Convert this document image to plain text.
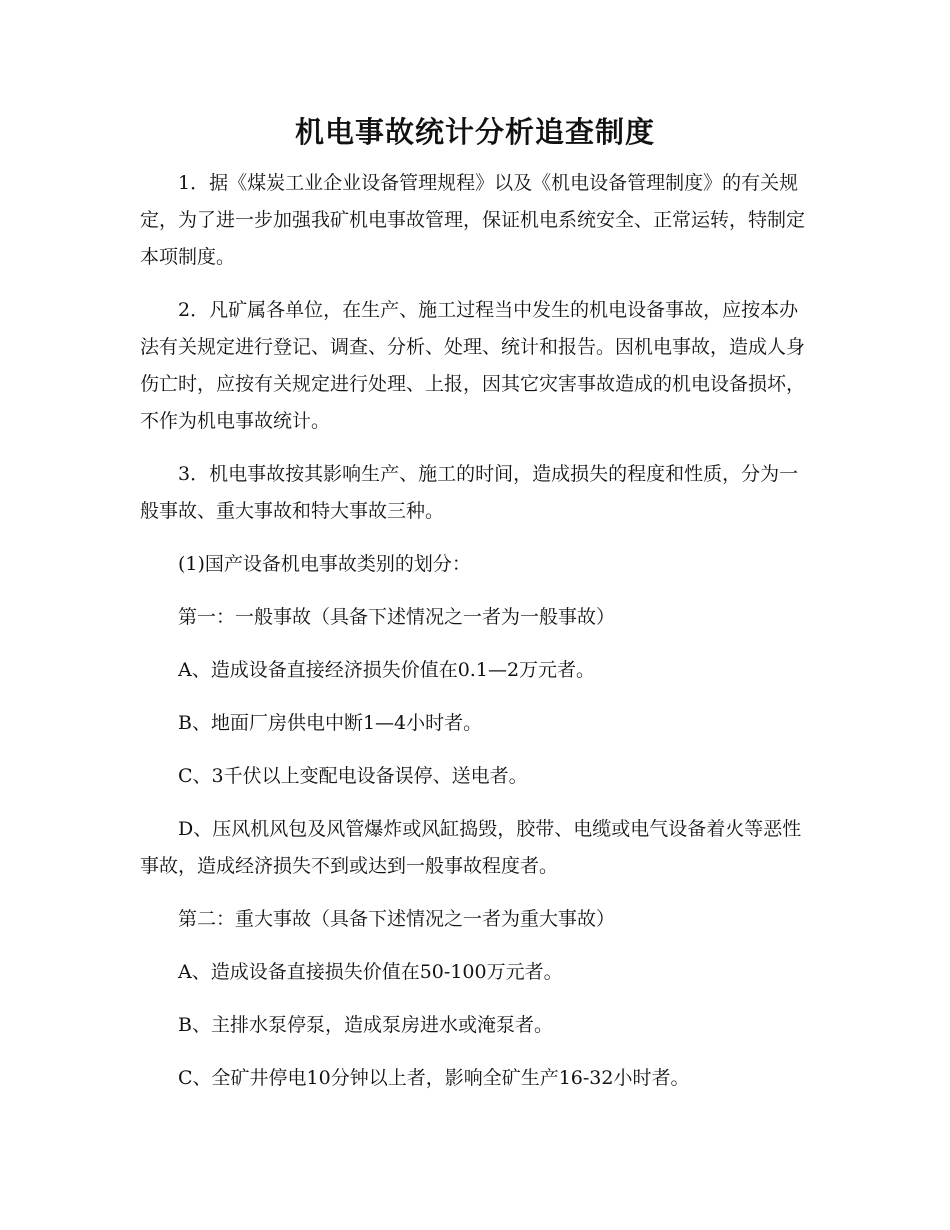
机电事故统计分析追查制度

1．据《煤炭工业企业设备管理规程》以及《机电设备管理制度》的有关规定，为了进一步加强我矿机电事故管理，保证机电系统安全、正常运转，特制定本项制度。

2．凡矿属各单位，在生产、施工过程当中发生的机电设备事故，应按本办法有关规定进行登记、调查、分析、处理、统计和报告。因机电事故，造成人身伤亡时，应按有关规定进行处理、上报，因其它灾害事故造成的机电设备损坏，不作为机电事故统计。

3．机电事故按其影响生产、施工的时间，造成损失的程度和性质，分为一般事故、重大事故和特大事故三种。

(1)国产设备机电事故类别的划分：

第一：一般事故（具备下述情况之一者为一般事故）

A、造成设备直接经济损失价值在0.1—2万元者。

B、地面厂房供电中断1—4小时者。

C、3千伏以上变配电设备误停、送电者。

D、压风机风包及风管爆炸或风缸捣毁，胶带、电缆或电气设备着火等恶性事故，造成经济损失不到或达到一般事故程度者。

第二：重大事故（具备下述情况之一者为重大事故）

A、造成设备直接损失价值在50-100万元者。

B、主排水泵停泵，造成泵房进水或淹泵者。

C、全矿井停电10分钟以上者，影响全矿生产16-32小时者。
